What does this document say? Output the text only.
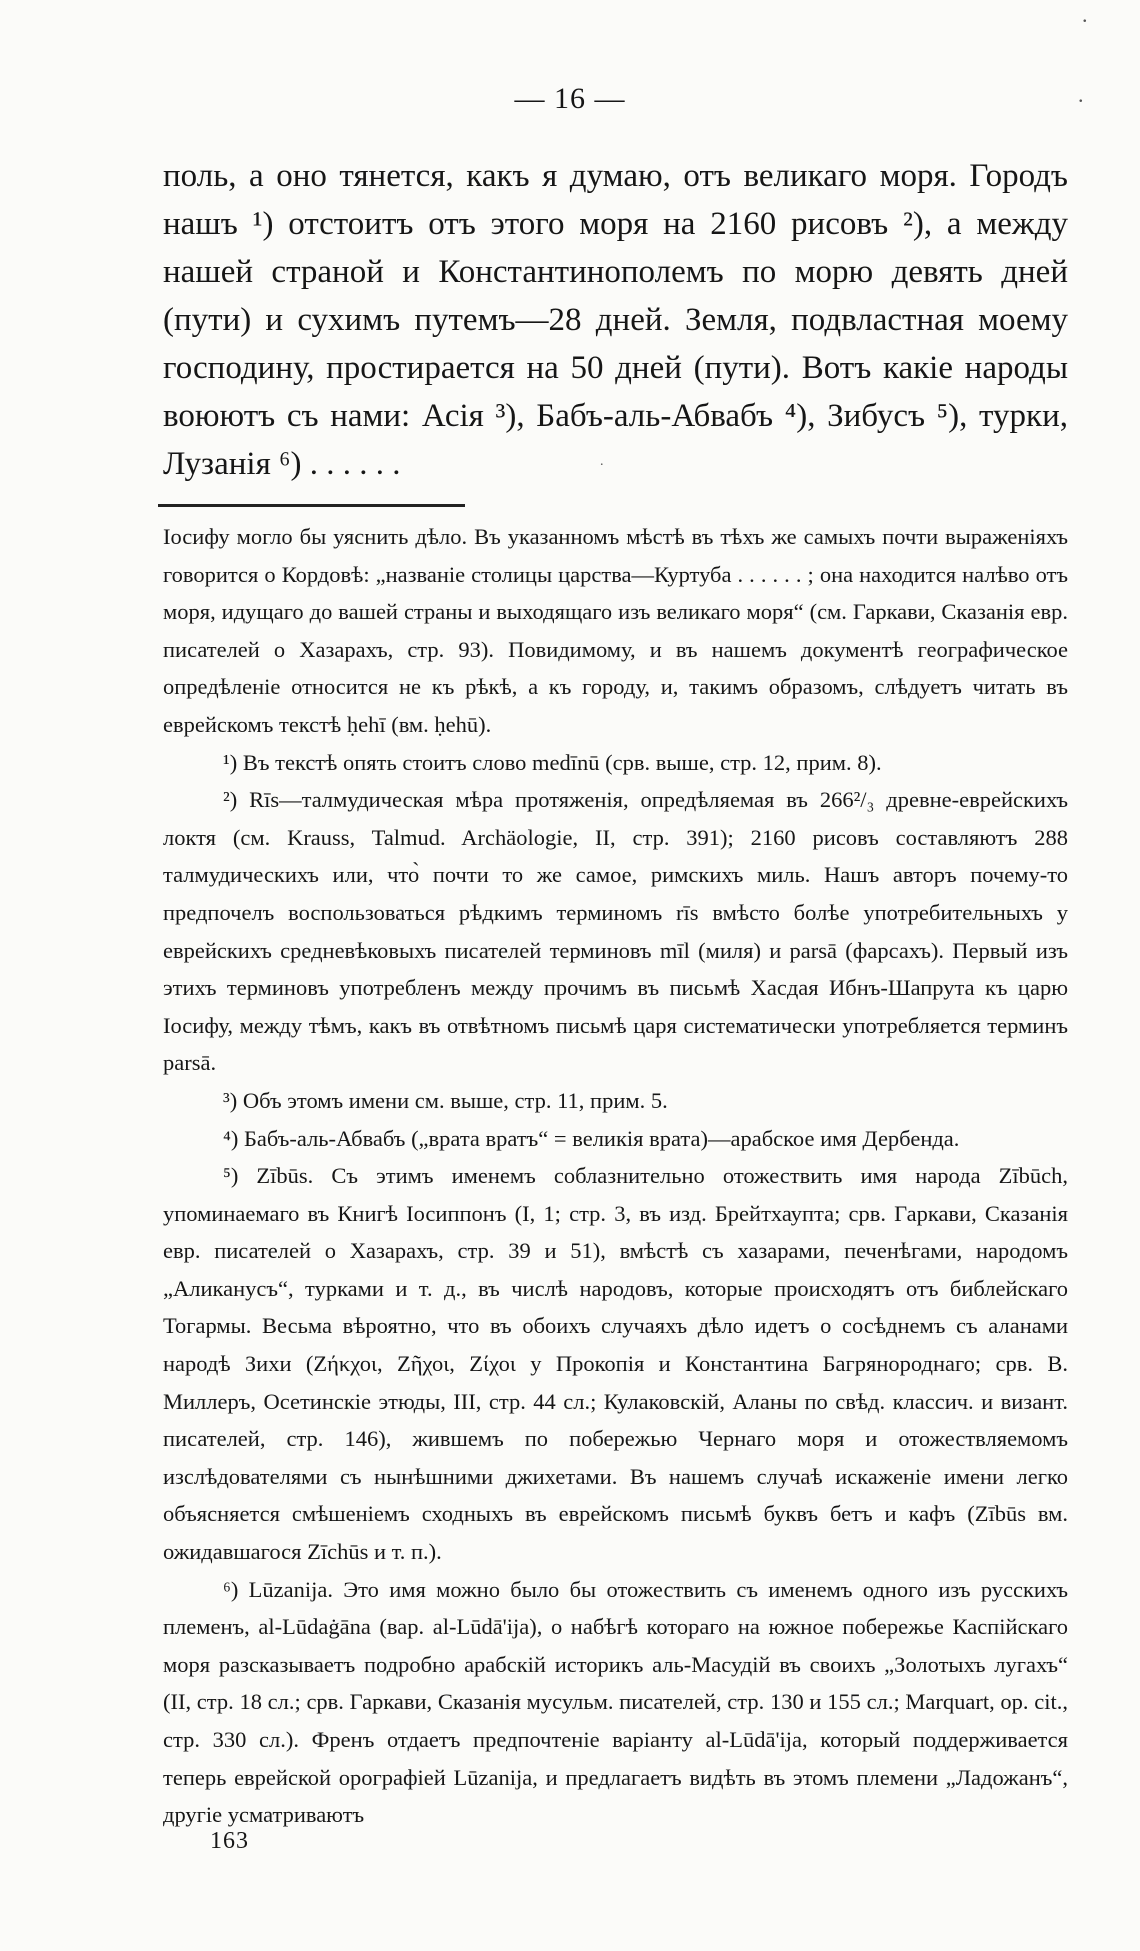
.
.
.
— 16 —

поль, а оно тянется, какъ я думаю, отъ великаго моря. Городъ нашъ ¹) отстоитъ отъ этого моря на 2160 рисовъ ²), а между нашей страной и Константинополемъ по морю девять дней (пути) и сухимъ путемъ—28 дней. Земля, подвластная моему господину, простирается на 50 дней (пути). Вотъ какіе народы воюютъ съ нами: Асія ³), Бабъ-аль-Абвабъ ⁴), Зибусъ ⁵), турки, Лузанія ⁶) . . . . . .

Іосифу могло бы уяснить дѣло. Въ указанномъ мѣстѣ въ тѣхъ же самыхъ почти выраженіяхъ говорится о Кордовѣ: „названіе столицы царства—Куртуба . . . . . . ; она находится налѣво отъ моря, идущаго до вашей страны и выходящаго изъ великаго моря“ (см. Гаркави, Сказанія евр. писателей о Хазарахъ, стр. 93). Повидимому, и въ нашемъ документѣ географическое опредѣленіе относится не къ рѣкѣ, а къ городу, и, такимъ образомъ, слѣдуетъ читать въ еврейскомъ текстѣ ḥehī (вм. ḥehū).

¹) Въ текстѣ опять стоитъ слово medīnū (срв. выше, стр. 12, прим. 8).

²) Rīs—талмудическая мѣра протяженія, опредѣляемая въ 266²/₃ древне-еврейскихъ локтя (см. Krauss, Talmud. Archäologie, II, стр. 391); 2160 рисовъ составляютъ 288 талмудическихъ или, что̀ почти то же самое, римскихъ миль. Нашъ авторъ почему-то предпочелъ воспользоваться рѣдкимъ терминомъ rīs вмѣсто болѣе употребительныхъ у еврейскихъ средневѣковыхъ писателей терминовъ mīl (миля) и parsā (фарсахъ). Первый изъ этихъ терминовъ употребленъ между прочимъ въ письмѣ Хасдая Ибнъ-Шапрута къ царю Іосифу, между тѣмъ, какъ въ отвѣтномъ письмѣ царя систематически употребляется терминъ parsā.

³) Объ этомъ имени см. выше, стр. 11, прим. 5.

⁴) Бабъ-аль-Абвабъ („врата вратъ“ = великія врата)—арабское имя Дербенда.

⁵) Zībūs. Съ этимъ именемъ соблазнительно отожествить имя народа Zībūch, упоминаемаго въ Книгѣ Іосиппонъ (I, 1; стр. 3, въ изд. Брейтхаупта; срв. Гаркави, Сказанія евр. писателей о Хазарахъ, стр. 39 и 51), вмѣстѣ съ хазарами, печенѣгами, народомъ „Аликанусъ“, турками и т. д., въ числѣ народовъ, которые происходятъ отъ библейскаго Тогармы. Весьма вѣроятно, что въ обоихъ случаяхъ дѣло идетъ о сосѣднемъ съ аланами народѣ Зихи (Ζήκχοι, Ζῆχοι, Ζίχοι у Прокопія и Константина Багрянороднаго; срв. В. Миллеръ, Осетинскіе этюды, III, стр. 44 сл.; Кулаковскій, Аланы по свѣд. классич. и визант. писателей, стр. 146), жившемъ по побережью Чернаго моря и отожествляемомъ изслѣдователями съ нынѣшними джихетами. Въ нашемъ случаѣ искаженіе имени легко объясняется смѣшеніемъ сходныхъ въ еврейскомъ письмѣ буквъ бетъ и кафъ (Zībūs вм. ожидавшагося Zīchūs и т. п.).

⁶) Lūzanija. Это имя можно было бы отожествить съ именемъ одного изъ русскихъ племенъ, al-Lūdaġāna (вар. al-Lūdā'ija), о набѣгѣ котораго на южное побережье Каспійскаго моря разсказываетъ подробно арабскій историкъ аль-Масудій въ своихъ „Золотыхъ лугахъ“ (II, стр. 18 сл.; срв. Гаркави, Сказанія мусульм. писателей, стр. 130 и 155 сл.; Marquart, op. cit., стр. 330 сл.). Френъ отдаетъ предпочтеніе варіанту al-Lūdā'ija, который поддерживается теперь еврейской орографіей Lūzanija, и предлагаетъ видѣть въ этомъ племени „Ладожанъ“, другіе усматриваютъ

163
